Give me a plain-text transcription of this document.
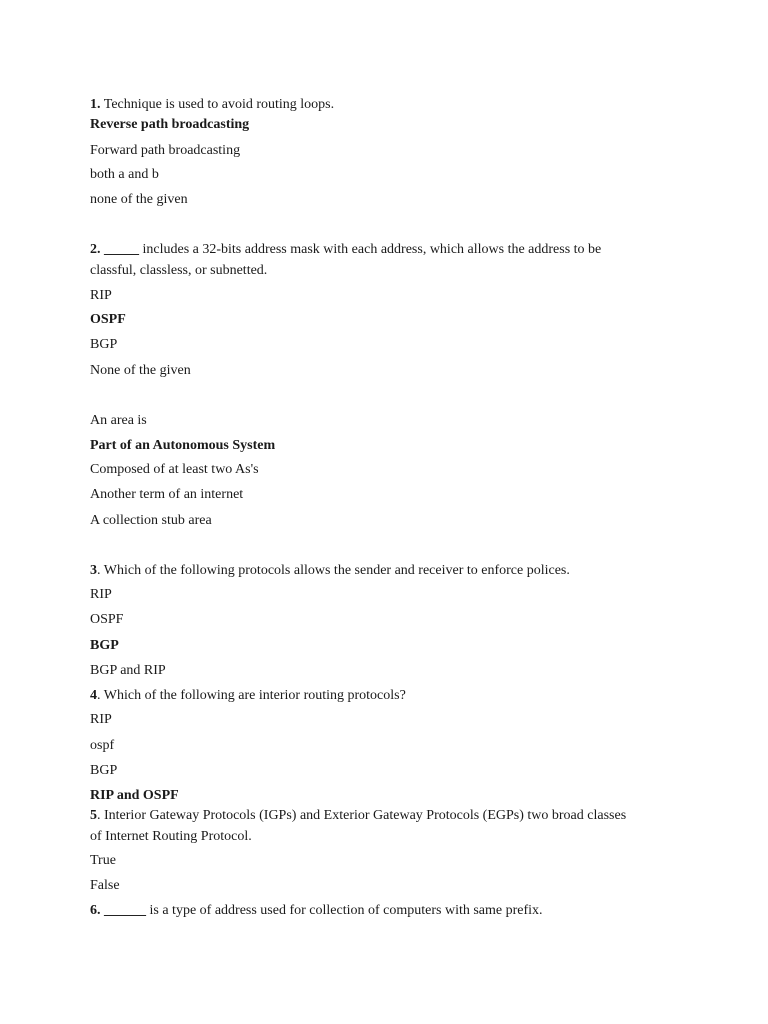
1. Technique is used to avoid routing loops.
Reverse path broadcasting
Forward path broadcasting
both a and b
none of the given
2. _____ includes a 32-bits address mask with each address, which allows the address to be
classful, classless, or subnetted.
RIP
OSPF
BGP
None of the given
An area is
Part of an Autonomous System
Composed of at least two As's
Another term of an internet
A collection stub area
3. Which of the following protocols allows the sender and receiver to enforce polices.
RIP
OSPF
BGP
BGP and RIP
4. Which of the following are interior routing protocols?
RIP
ospf
BGP
RIP and OSPF
5. Interior Gateway Protocols (IGPs) and Exterior Gateway Protocols (EGPs) two broad classes
of Internet Routing Protocol.
True
False
6. ______ is a type of address used for collection of computers with same prefix.
